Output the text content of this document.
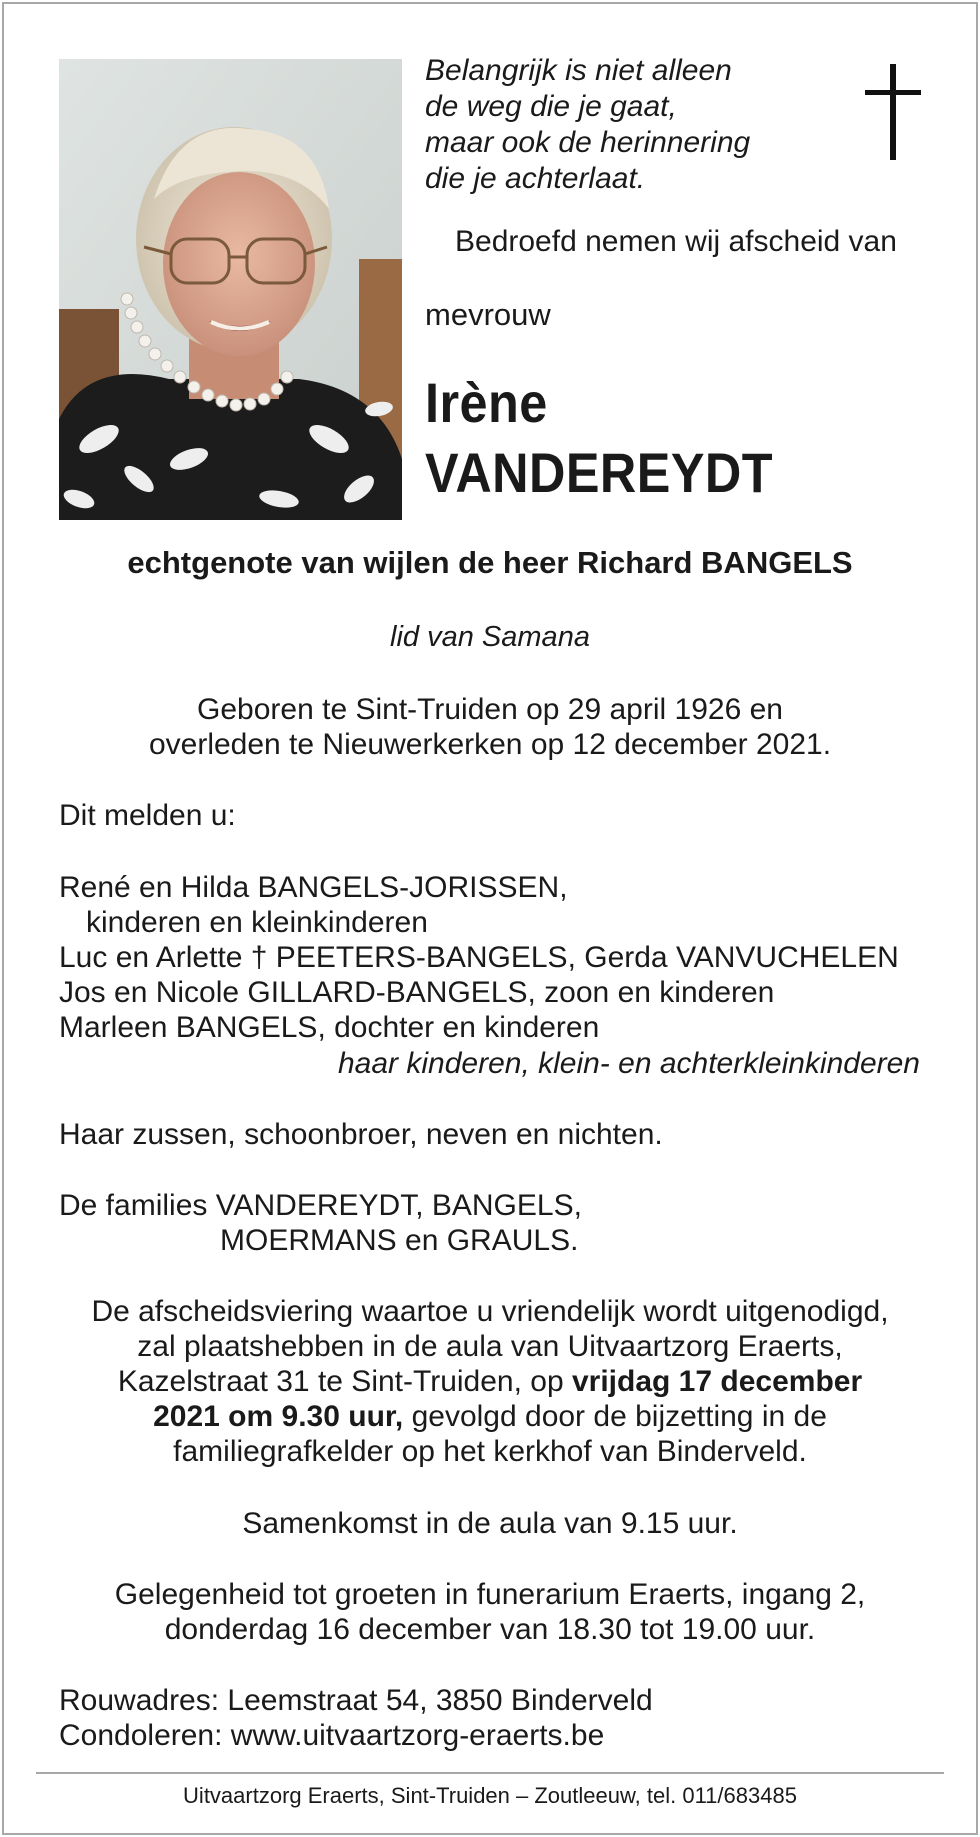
Belangrijk is niet alleen
de weg die je gaat,
maar ook de herinnering
die je achterlaat.
Bedroefd nemen wij afscheid van
mevrouw
Irène
VANDEREYDT
echtgenote van wijlen de heer Richard BANGELS
lid van Samana
Geboren te Sint-Truiden op 29 april 1926 en
overleden te Nieuwerkerken op 12 december 2021.
Dit melden u:
René en Hilda BANGELS-JORISSEN,
kinderen en kleinkinderen
Luc en Arlette † PEETERS-BANGELS, Gerda VANVUCHELEN
Jos en Nicole GILLARD-BANGELS, zoon en kinderen
Marleen BANGELS, dochter en kinderen
haar kinderen, klein- en achterkleinkinderen
Haar zussen, schoonbroer, neven en nichten.
De families VANDEREYDT, BANGELS,
MOERMANS en GRAULS.
De afscheidsviering waartoe u vriendelijk wordt uitgenodigd,
zal plaatshebben in de aula van Uitvaartzorg Eraerts,
Kazelstraat 31 te Sint-Truiden, op vrijdag 17 december
2021 om 9.30 uur, gevolgd door de bijzetting in de
familiegrafkelder op het kerkhof van Binderveld.
Samenkomst in de aula van 9.15 uur.
Gelegenheid tot groeten in funerarium Eraerts, ingang 2,
donderdag 16 december van 18.30 tot 19.00 uur.
Rouwadres: Leemstraat 54, 3850 Binderveld
Condoleren: www.uitvaartzorg-eraerts.be
Uitvaartzorg Eraerts, Sint-Truiden – Zoutleeuw, tel. 011/683485
